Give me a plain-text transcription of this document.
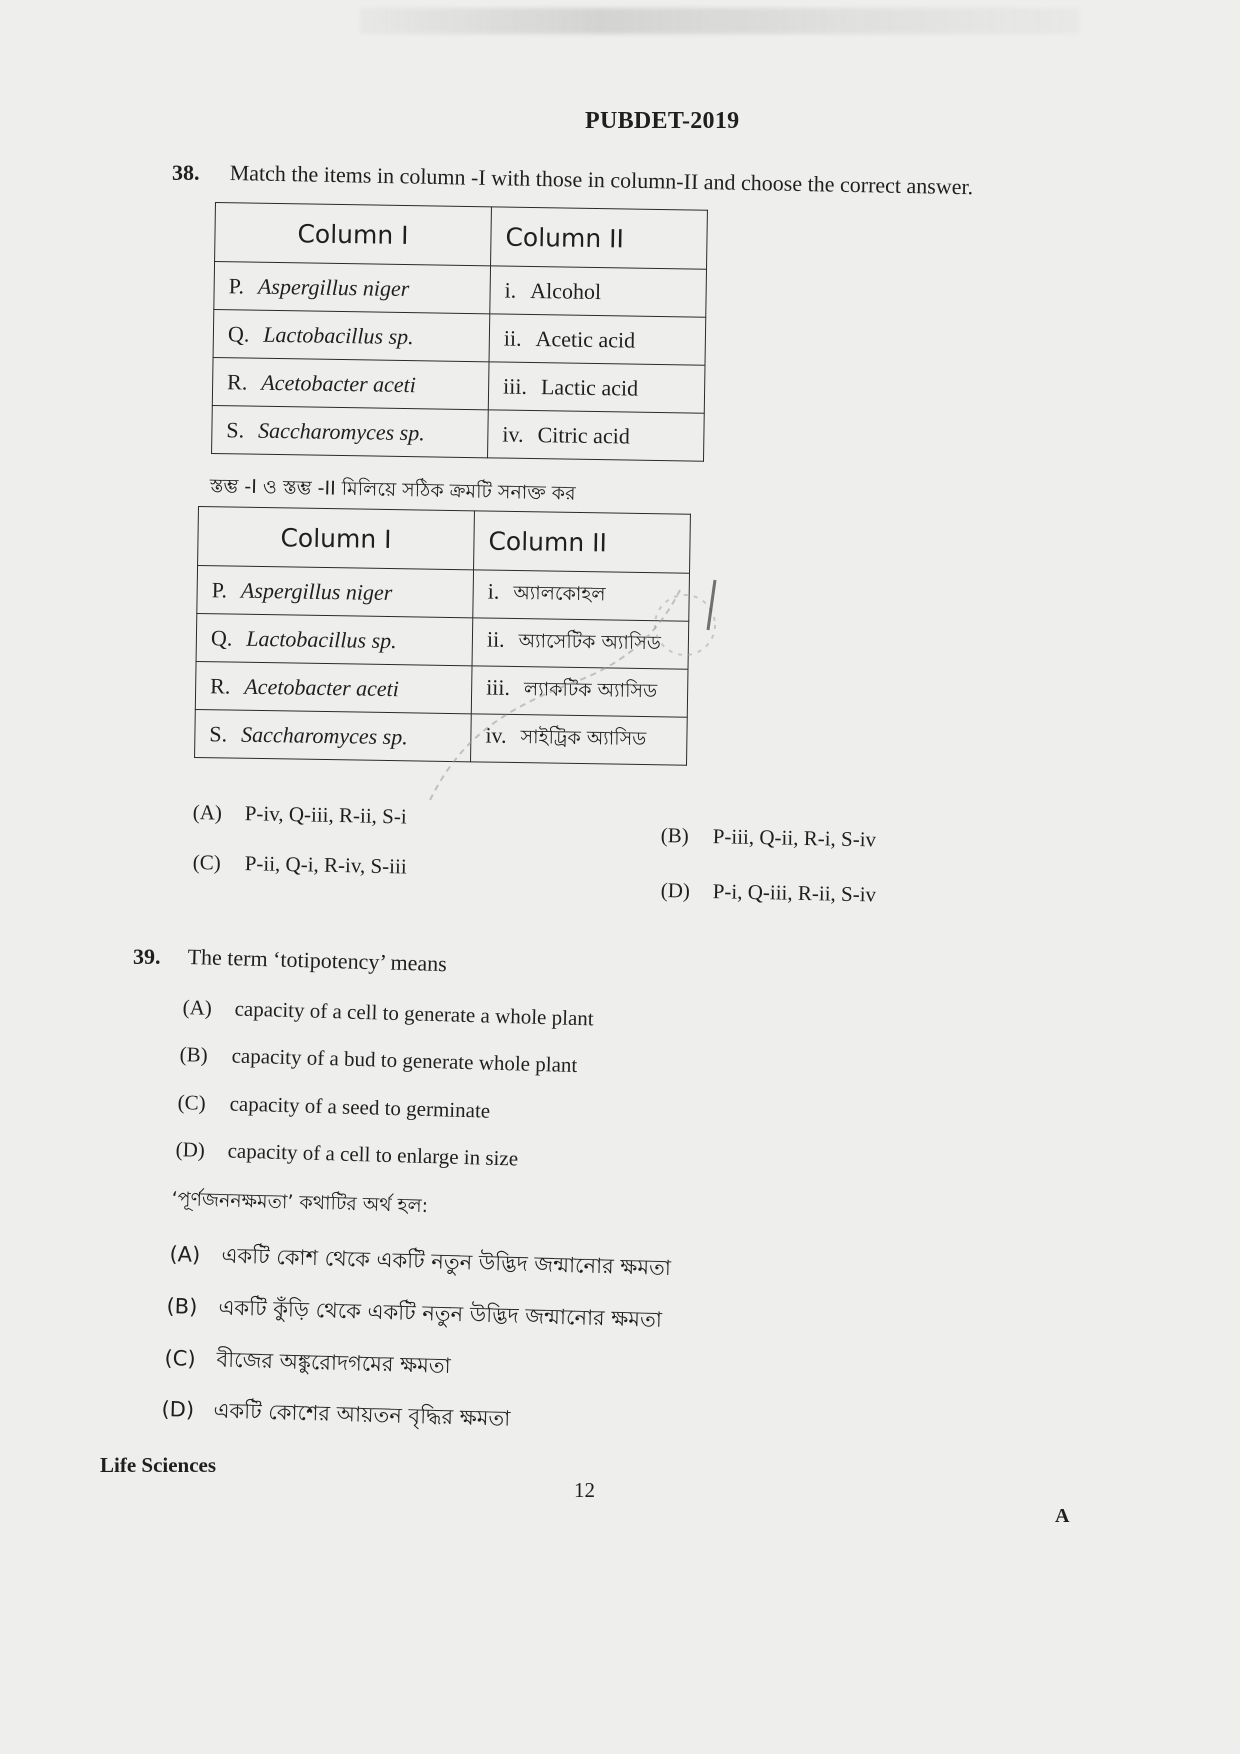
PUBDET-2019
38. Match the items in column -I with those in column-II and choose the correct answer.
Column I	Column II
P. Aspergillus niger	i. Alcohol
Q. Lactobacillus sp.	ii. Acetic acid
R. Acetobacter aceti	iii. Lactic acid
S. Saccharomyces sp.	iv. Citric acid
স্তম্ভ -I ও স্তম্ভ -II মিলিয়ে সঠিক ক্রমটি সনাক্ত কর
Column I	Column II
P. Aspergillus niger	i. অ্যালকোহল
Q. Lactobacillus sp.	ii. অ্যাসেটিক অ্যাসিড
R. Acetobacter aceti	iii. ল্যাকটিক অ্যাসিড
S. Saccharomyces sp.	iv. সাইট্রিক অ্যাসিড
(A) P-iv, Q-iii, R-ii, S-i
(B) P-iii, Q-ii, R-i, S-iv
(C) P-ii, Q-i, R-iv, S-iii
(D) P-i, Q-iii, R-ii, S-iv
39. The term ‘totipotency’ means
(A) capacity of a cell to generate a whole plant
(B) capacity of a bud to generate whole plant
(C) capacity of a seed to germinate
(D) capacity of a cell to enlarge in size
‘পূর্ণজননক্ষমতা’ কথাটির অর্থ হল:
(A) একটি কোশ থেকে একটি নতুন উদ্ভিদ জন্মানোর ক্ষমতা
(B) একটি কুঁড়ি থেকে একটি নতুন উদ্ভিদ জন্মানোর ক্ষমতা
(C) বীজের অঙ্কুরোদগমের ক্ষমতা
(D) একটি কোশের আয়তন বৃদ্ধির ক্ষমতা
Life Sciences
12
A
